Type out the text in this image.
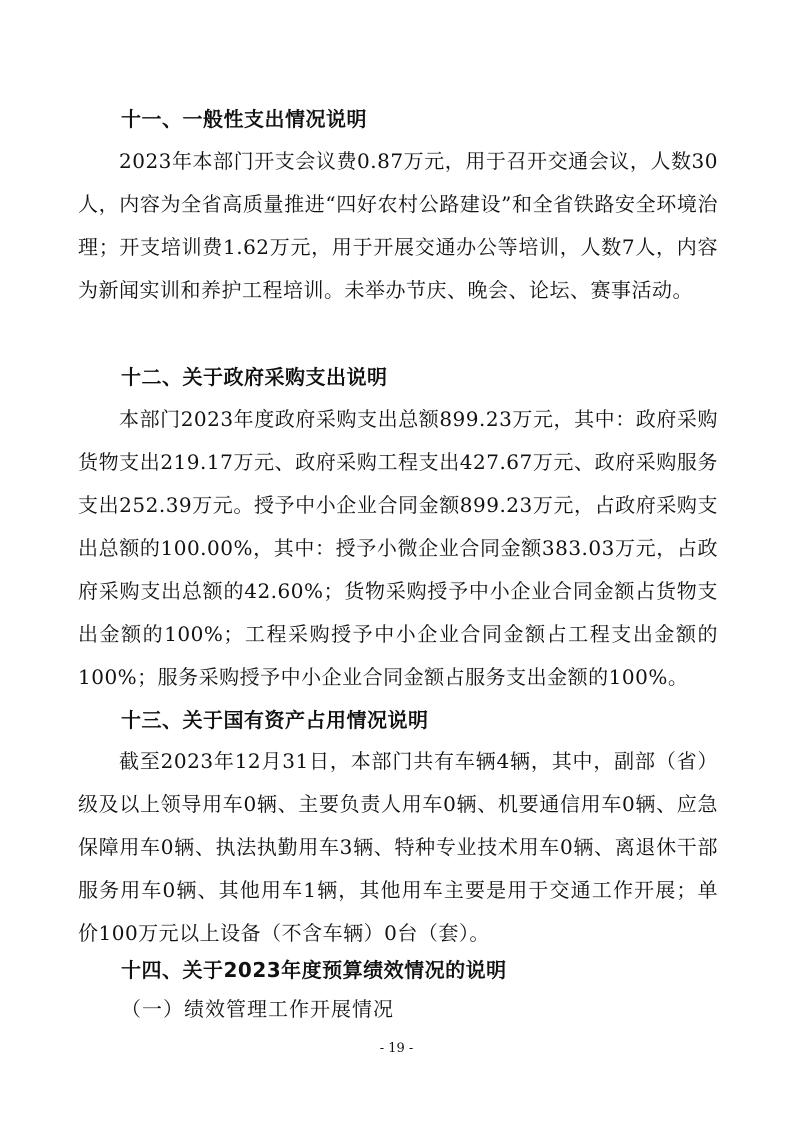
十一、一般性支出情况说明

2023年本部门开支会议费0.87万元，用于召开交通会议，人数30人，内容为全省高质量推进“四好农村公路建设”和全省铁路安全环境治理；开支培训费1.62万元，用于开展交通办公等培训，人数7人，内容为新闻实训和养护工程培训。未举办节庆、晚会、论坛、赛事活动。

十二、关于政府采购支出说明

本部门2023年度政府采购支出总额899.23万元，其中：政府采购货物支出219.17万元、政府采购工程支出427.67万元、政府采购服务支出252.39万元。授予中小企业合同金额899.23万元，占政府采购支出总额的100.00%，其中：授予小微企业合同金额383.03万元，占政府采购支出总额的42.60%；货物采购授予中小企业合同金额占货物支出金额的100%；工程采购授予中小企业合同金额占工程支出金额的100%；服务采购授予中小企业合同金额占服务支出金额的100%。

十三、关于国有资产占用情况说明

截至2023年12月31日，本部门共有车辆4辆，其中，副部（省）级及以上领导用车0辆、主要负责人用车0辆、机要通信用车0辆、应急保障用车0辆、执法执勤用车3辆、特种专业技术用车0辆、离退休干部服务用车0辆、其他用车1辆，其他用车主要是用于交通工作开展；单价100万元以上设备（不含车辆）0台（套）。

十四、关于2023年度预算绩效情况的说明
（一）绩效管理工作开展情况
- 19 -
